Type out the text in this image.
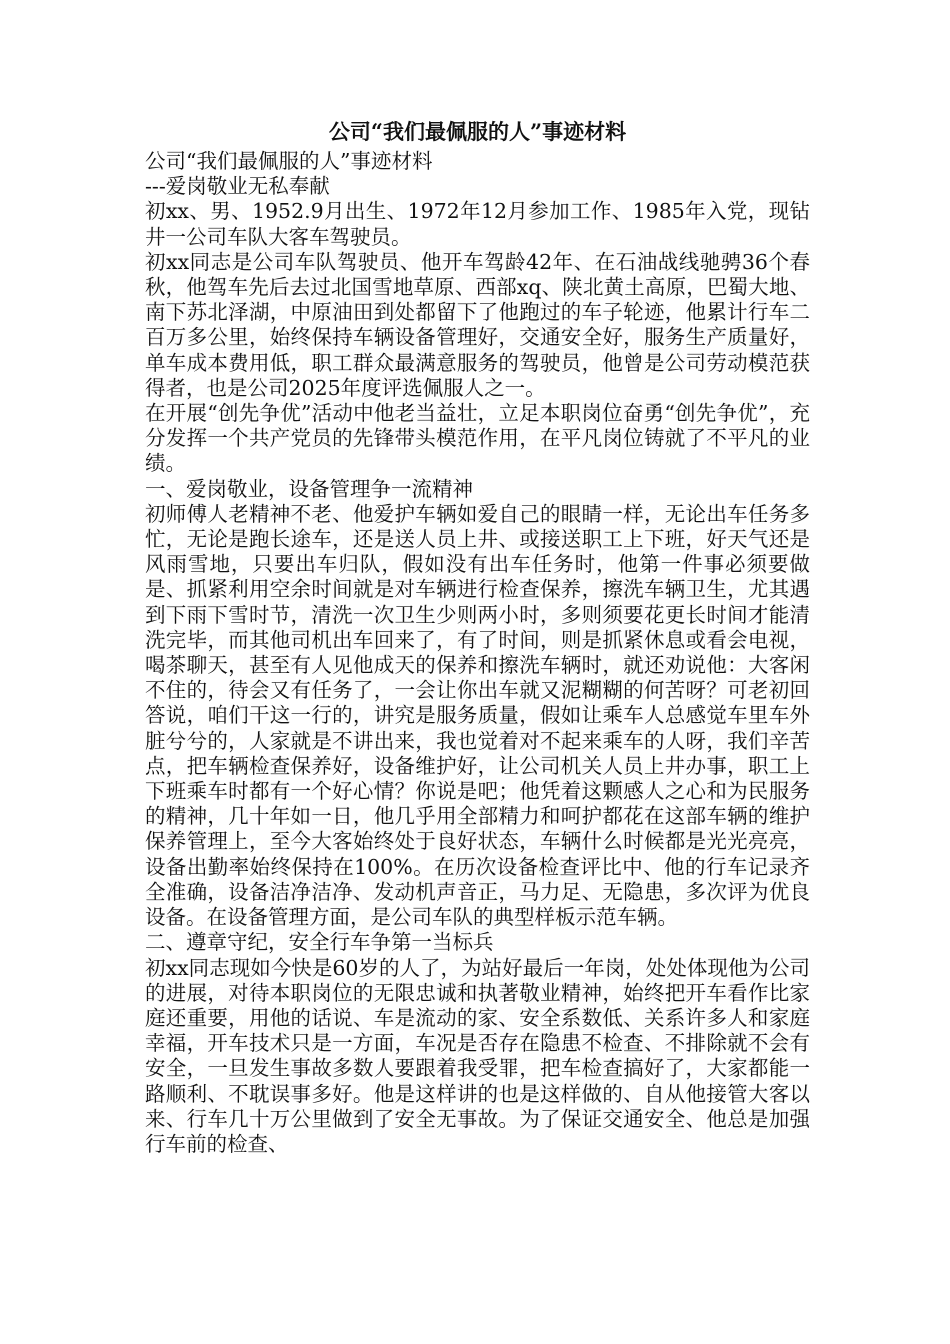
公司“我们最佩服的人”事迹材料

公司“我们最佩服的人”事迹材料

---爱岗敬业无私奉献

初xx、男、1952.9月出生、1972年12月参加工作、1985年入党，现钻井一公司车队大客车驾驶员。

初xx同志是公司车队驾驶员、他开车驾龄42年、在石油战线驰骋36个春秋，他驾车先后去过北国雪地草原、西部xq、陕北黄土高原，巴蜀大地、南下苏北泽湖，中原油田到处都留下了他跑过的车子轮迹，他累计行车二百万多公里，始终保持车辆设备管理好，交通安全好，服务生产质量好，单车成本费用低，职工群众最满意服务的驾驶员，他曾是公司劳动模范获得者，也是公司2025年度评选佩服人之一。

在开展“创先争优”活动中他老当益壮，立足本职岗位奋勇“创先争优”，充分发挥一个共产党员的先锋带头模范作用，在平凡岗位铸就了不平凡的业绩。

一、爱岗敬业，设备管理争一流精神

初师傅人老精神不老、他爱护车辆如爱自己的眼睛一样，无论出车任务多忙，无论是跑长途车，还是送人员上井、或接送职工上下班，好天气还是风雨雪地，只要出车归队，假如没有出车任务时，他第一件事必须要做是、抓紧利用空余时间就是对车辆进行检查保养，擦洗车辆卫生，尤其遇到下雨下雪时节，清洗一次卫生少则两小时，多则须要花更长时间才能清洗完毕，而其他司机出车回来了，有了时间，则是抓紧休息或看会电视，喝茶聊天，甚至有人见他成天的保养和擦洗车辆时，就还劝说他：大客闲不住的，待会又有任务了，一会让你出车就又泥糊糊的何苦呀？可老初回答说，咱们干这一行的，讲究是服务质量，假如让乘车人总感觉车里车外脏兮兮的，人家就是不讲出来，我也觉着对不起来乘车的人呀，我们辛苦点，把车辆检查保养好，设备维护好，让公司机关人员上井办事，职工上下班乘车时都有一个好心情？你说是吧；他凭着这颗感人之心和为民服务的精神，几十年如一日，他几乎用全部精力和呵护都花在这部车辆的维护保养管理上，至今大客始终处于良好状态，车辆什么时候都是光光亮亮，设备出勤率始终保持在100%。在历次设备检查评比中、他的行车记录齐全准确，设备洁净洁净、发动机声音正，马力足、无隐患，多次评为优良设备。在设备管理方面，是公司车队的典型样板示范车辆。

二、遵章守纪，安全行车争第一当标兵

初xx同志现如今快是60岁的人了，为站好最后一年岗，处处体现他为公司的进展，对待本职岗位的无限忠诚和执著敬业精神，始终把开车看作比家庭还重要，用他的话说、车是流动的家、安全系数低、关系许多人和家庭幸福，开车技术只是一方面，车况是否存在隐患不检查、不排除就不会有安全，一旦发生事故多数人要跟着我受罪，把车检查搞好了，大家都能一路顺利、不耽误事多好。他是这样讲的也是这样做的、自从他接管大客以来、行车几十万公里做到了安全无事故。为了保证交通安全、他总是加强行车前的检查、
